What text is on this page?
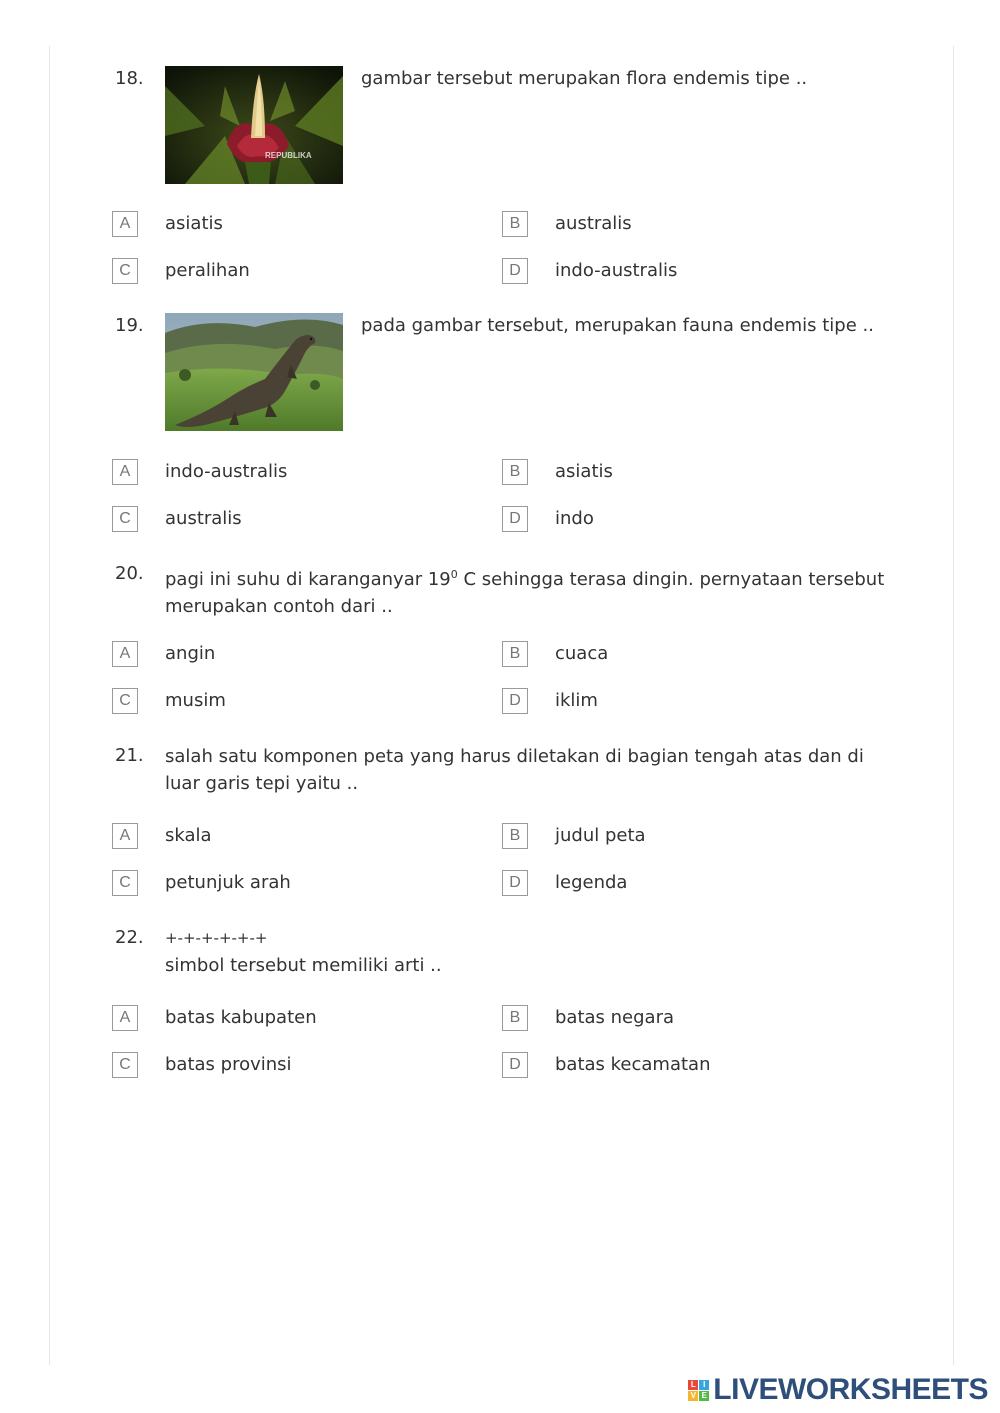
18.
REPUBLIKA
gambar tersebut merupakan flora endemis tipe ..
A	asiatis	B	australis
C	peralihan	D	indo-australis
19.	pada gambar tersebut, merupakan fauna endemis tipe ..
A	indo-australis	B	asiatis
C	australis	D	indo
20. pagi ini suhu di karanganyar $19^0$ C sehingga terasa dingin. pernyataan tersebut merupakan contoh dari ..
A	angin	B	cuaca
C	musim	D	iklim
21. salah satu komponen peta yang harus diletakan di bagian tengah atas dan di luar garis tepi yaitu ..
A	skala	B	judul peta
C	petunjuk arah	D	legenda
22. +-+-+-+-+-+
simbol tersebut memiliki arti ..
A	batas kabupaten	B	batas negara
C	batas provinsi	D	batas kecamatan
L I
V E LIVEWORKSHEETS
